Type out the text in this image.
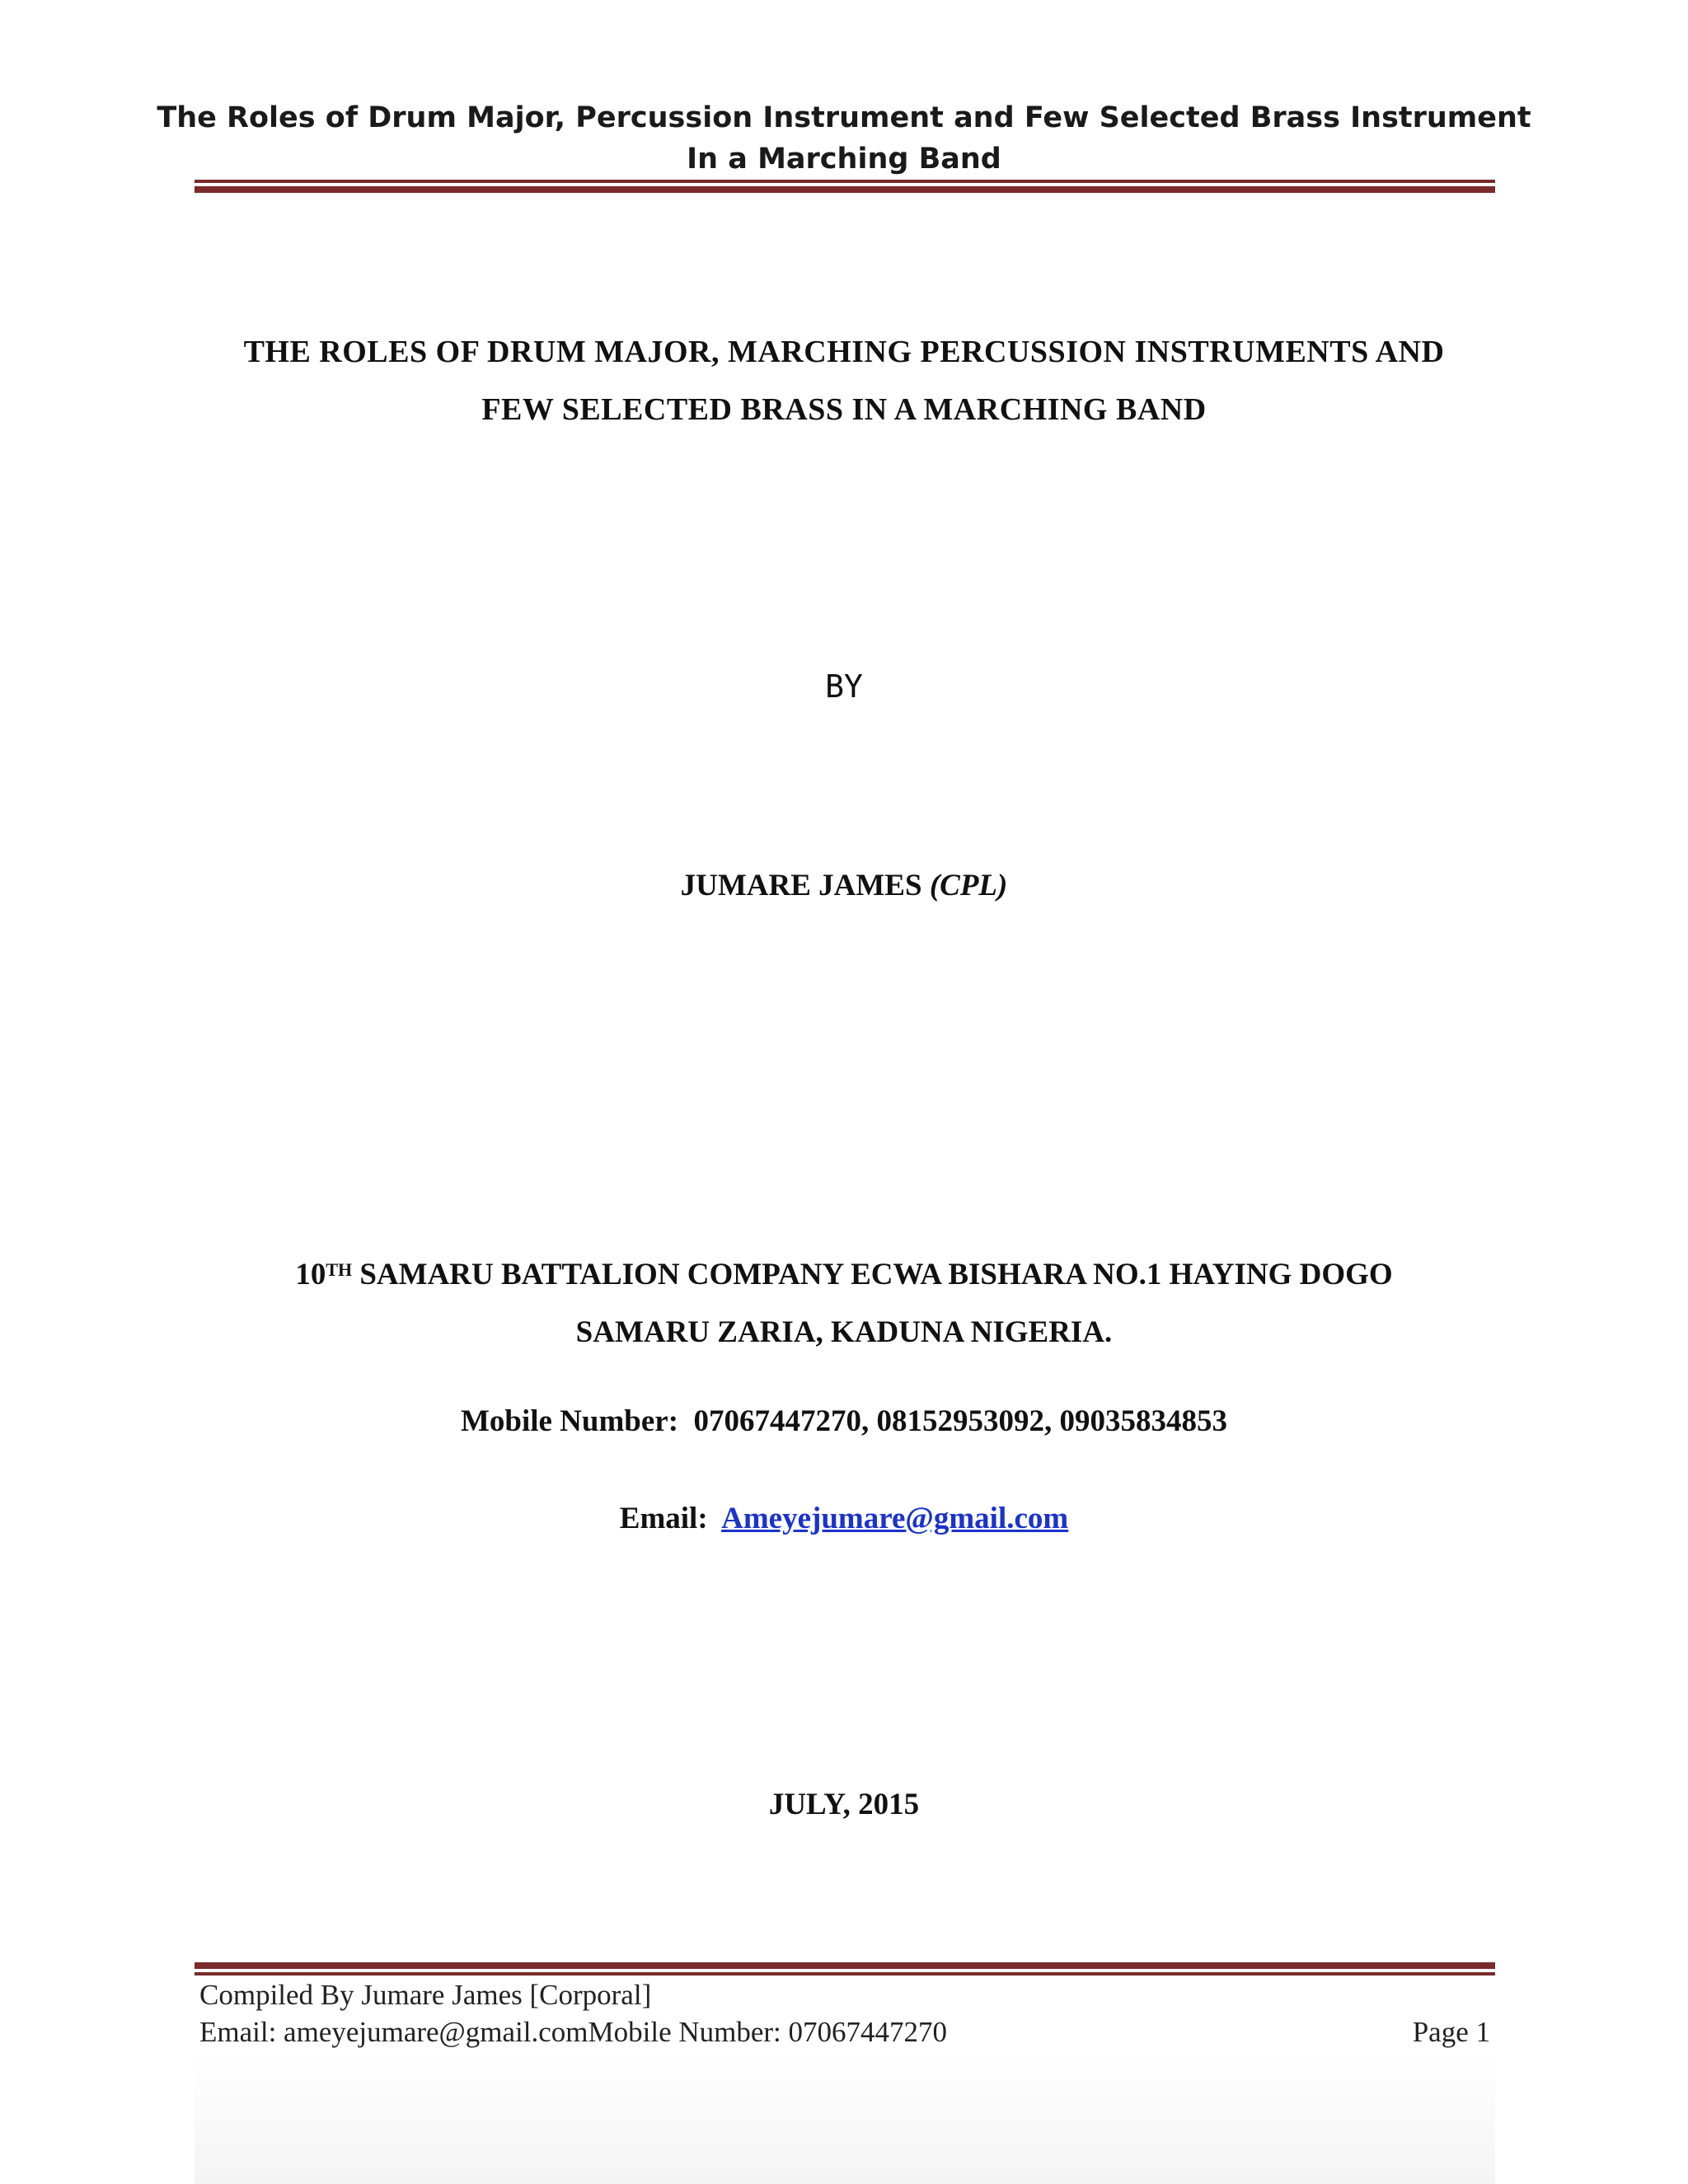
The Roles of Drum Major, Percussion Instrument and Few Selected Brass Instrument
In a Marching Band
THE ROLES OF DRUM MAJOR, MARCHING PERCUSSION INSTRUMENTS AND
FEW SELECTED BRASS IN A MARCHING BAND
BY
JUMARE JAMES (CPL)
10TH SAMARU BATTALION COMPANY ECWA BISHARA NO.1 HAYING DOGO
SAMARU ZARIA, KADUNA NIGERIA.
Mobile Number: 07067447270, 08152953092, 09035834853
Email: Ameyejumare@gmail.com
JULY, 2015
Compiled By Jumare James [Corporal]
Email: ameyejumare@gmail.comMobile Number: 07067447270	Page 1
